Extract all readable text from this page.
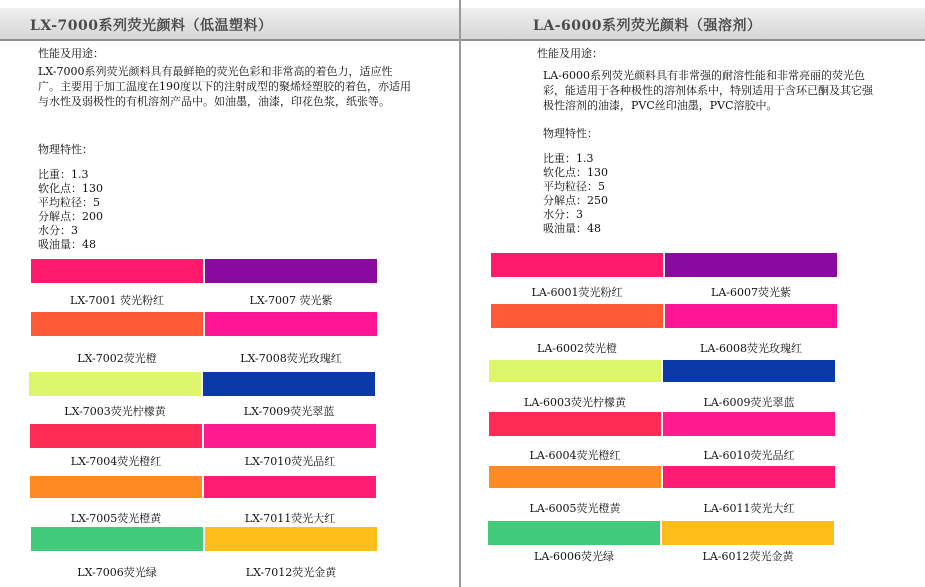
LX-7000系列荧光颜料（低温塑料）
性能及用途：
LX-7000系列荧光颜料具有最鲜艳的荧光色彩和非常高的着色力，适应性广。主要用于加工温度在190度以下的注射成型的聚烯烃塑胶的着色，亦适用与水性及弱极性的有机溶剂产品中。如油墨，油漆，印花色浆，纸张等。
物理特性：
比重：1.3
软化点：130
平均粒径：5
分解点：200
水分：3
吸油量：48
LX-7001 荧光粉红	LX-7007 荧光紫
LX-7002荧光橙	LX-7008荧光玫瑰红
LX-7003荧光柠檬黄	LX-7009荧光翠蓝
LX-7004荧光橙红	LX-7010荧光品红
LX-7005荧光橙黄	LX-7011荧光大红
LX-7006荧光绿	LX-7012荧光金黄
LA-6000系列荧光颜料（强溶剂）
性能及用途：
LA-6000系列荧光颜料具有非常强的耐溶性能和非常亮丽的荧光色彩，能适用于各种极性的溶剂体系中，特别适用于含环已酮及其它强极性溶剂的油漆，PVC丝印油墨，PVC溶胶中。
物理特性：
比重：1.3
软化点：130
平均粒径：5
分解点：250
水分：3
吸油量：48
LA-6001荧光粉红	LA-6007荧光紫
LA-6002荧光橙	LA-6008荧光玫瑰红
LA-6003荧光柠檬黄	LA-6009荧光翠蓝
LA-6004荧光橙红	LA-6010荧光品红
LA-6005荧光橙黄	LA-6011荧光大红
LA-6006荧光绿	LA-6012荧光金黄
